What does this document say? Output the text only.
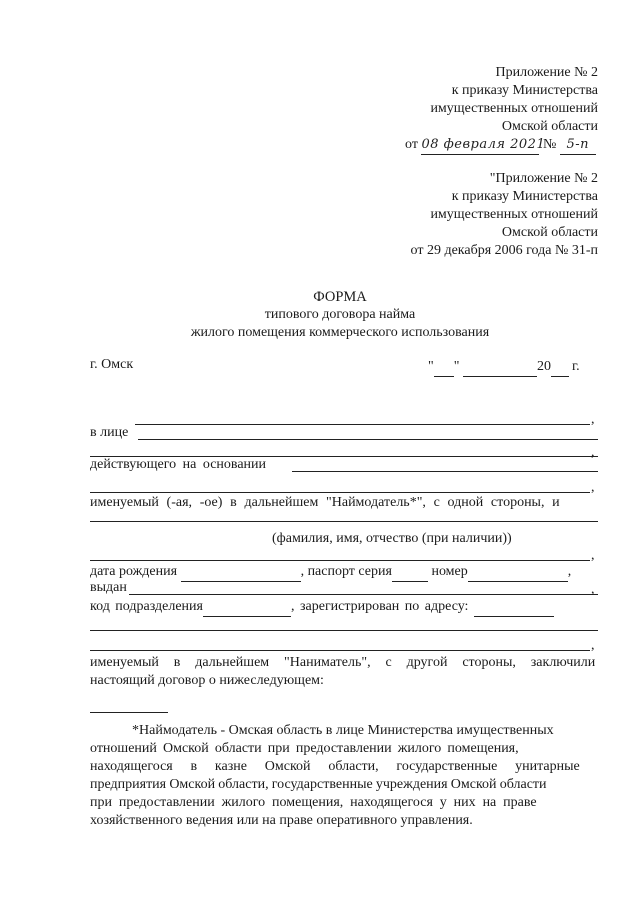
Приложение № 2
к приказу Министерства
имущественных отношений
Омской области
от 08 февраля 2021 № 5-п
"Приложение № 2
к приказу Министерства
имущественных отношений
Омской области
от 29 декабря 2006 года № 31-п
ФОРМА
типового договора найма
жилого помещения коммерческого использования
г. Омск	" "	20 г.
,
в лице
,
действующего на основании
,
именуемый (-ая, -ое) в дальнейшем "Наймодатель*", с одной стороны, и
(фамилия, имя, отчество (при наличии))
,
дата рождения	, паспорт серия	номер	,
выдан	,
код подразделения	, зарегистрирован по адресу:
,
именуемый в дальнейшем "Наниматель", с другой стороны, заключили
настоящий договор о нижеследующем:
*Наймодатель - Омская область в лице Министерства имущественных
отношений Омской области при предоставлении жилого помещения,
находящегося в казне Омской области, государственные унитарные
предприятия Омской области, государственные учреждения Омской области
при предоставлении жилого помещения, находящегося у них на праве
хозяйственного ведения или на праве оперативного управления.
